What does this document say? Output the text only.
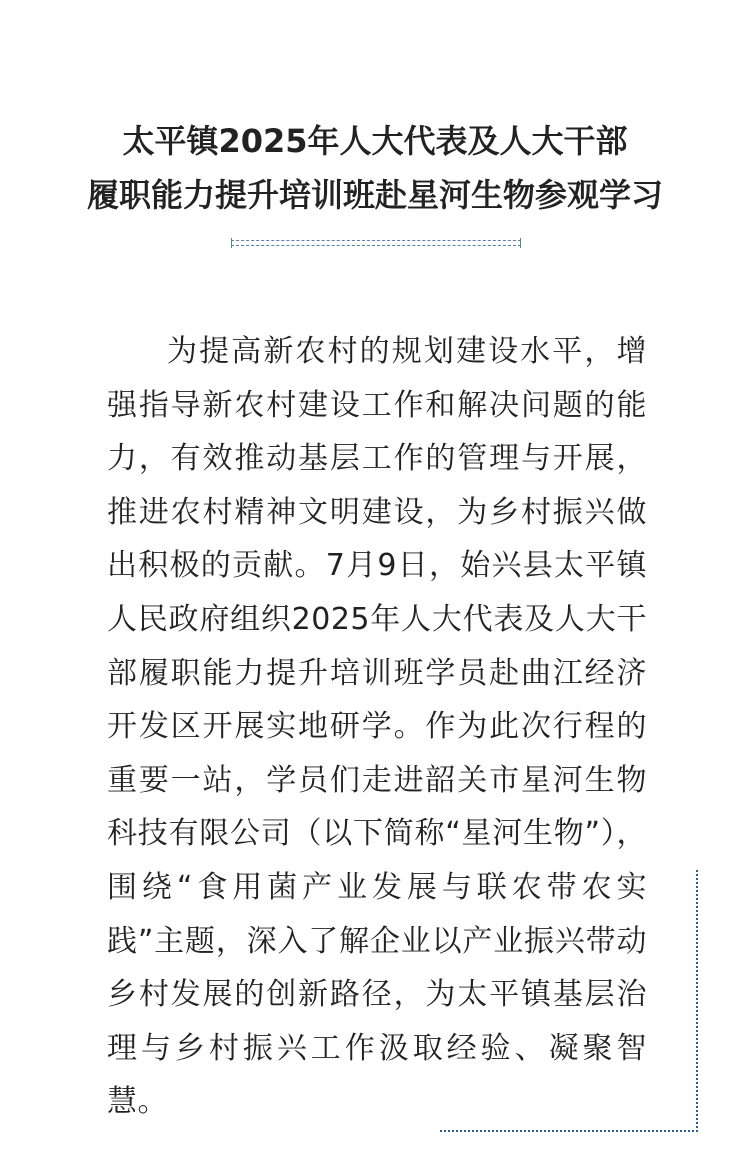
太平镇2025年人大代表及人大干部
履职能力提升培训班赴星河生物参观学习

为提高新农村的规划建设水平，增强指导新农村建设工作和解决问题的能力，有效推动基层工作的管理与开展，推进农村精神文明建设，为乡村振兴做出积极的贡献。7月9日，始兴县太平镇人民政府组织2025年人大代表及人大干部履职能力提升培训班学员赴曲江经济开发区开展实地研学。作为此次行程的重要一站，学员们走进韶关市星河生物科技有限公司（以下简称“星河生物”），围绕“食用菌产业发展与联农带农实践”主题，深入了解企业以产业振兴带动乡村发展的创新路径，为太平镇基层治理与乡村振兴工作汲取经验、凝聚智慧。
